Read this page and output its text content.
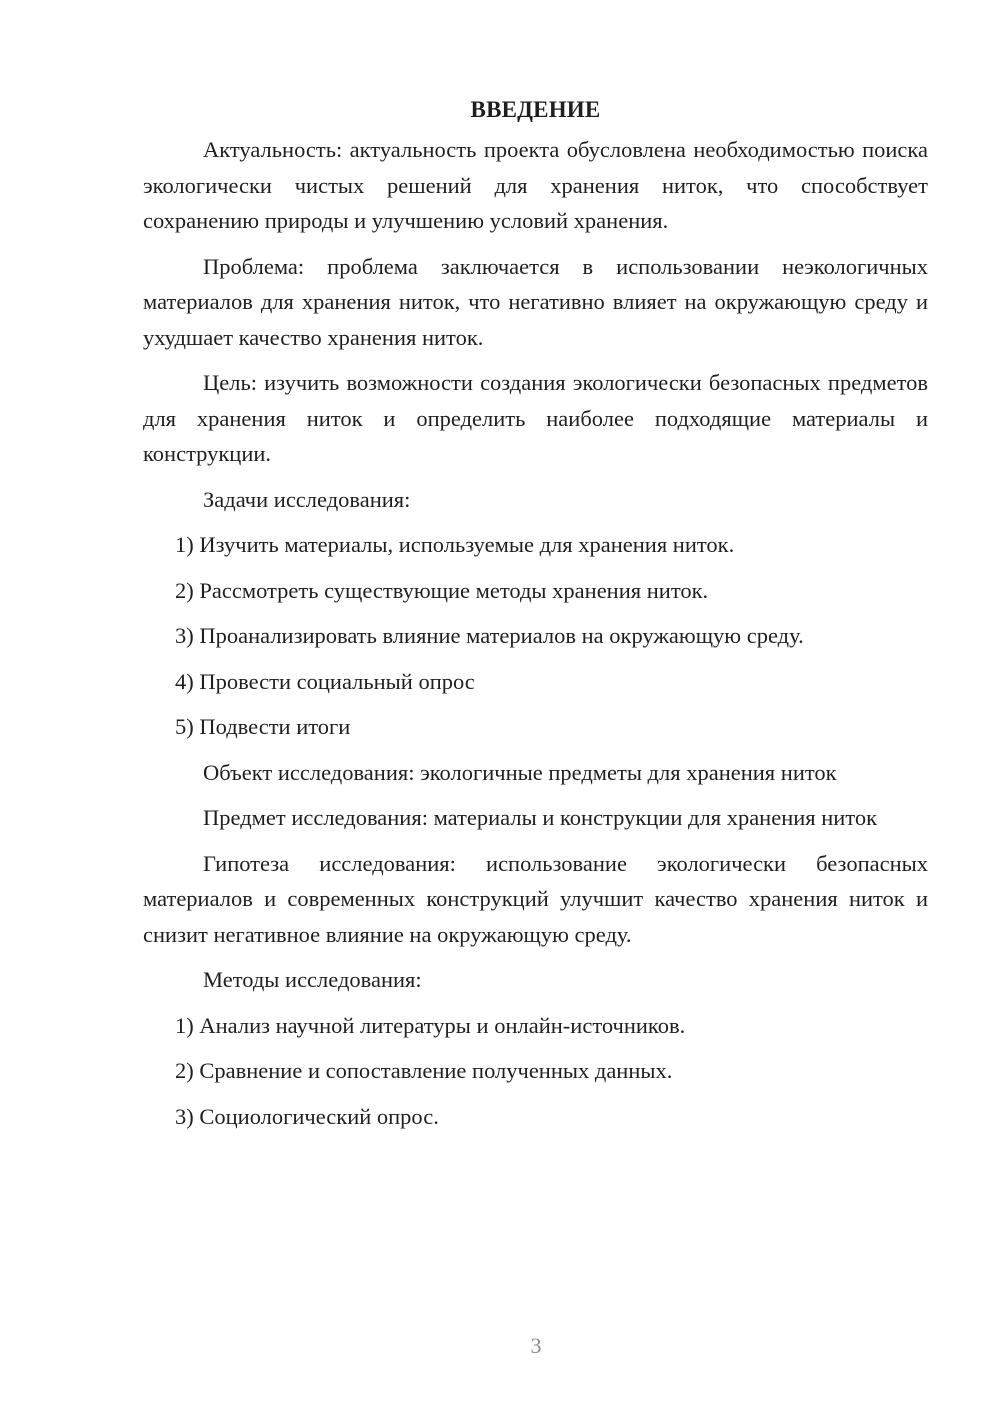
ВВЕДЕНИЕ

Актуальность: актуальность проекта обусловлена необходимостью поиска экологически чистых решений для хранения ниток, что способствует сохранению природы и улучшению условий хранения.

Проблема: проблема заключается в использовании неэкологичных материалов для хранения ниток, что негативно влияет на окружающую среду и ухудшает качество хранения ниток.

Цель: изучить возможности создания экологически безопасных предметов для хранения ниток и определить наиболее подходящие материалы и конструкции.

Задачи исследования:

1) Изучить материалы, используемые для хранения ниток.

2) Рассмотреть существующие методы хранения ниток.

3) Проанализировать влияние материалов на окружающую среду.

4) Провести социальный опрос

5) Подвести итоги

Объект исследования: экологичные предметы для хранения ниток

Предмет исследования: материалы и конструкции для хранения ниток

Гипотеза исследования: использование экологически безопасных материалов и современных конструкций улучшит качество хранения ниток и снизит негативное влияние на окружающую среду.

Методы исследования:

1) Анализ научной литературы и онлайн-источников.

2) Сравнение и сопоставление полученных данных.

3) Социологический опрос.

3
